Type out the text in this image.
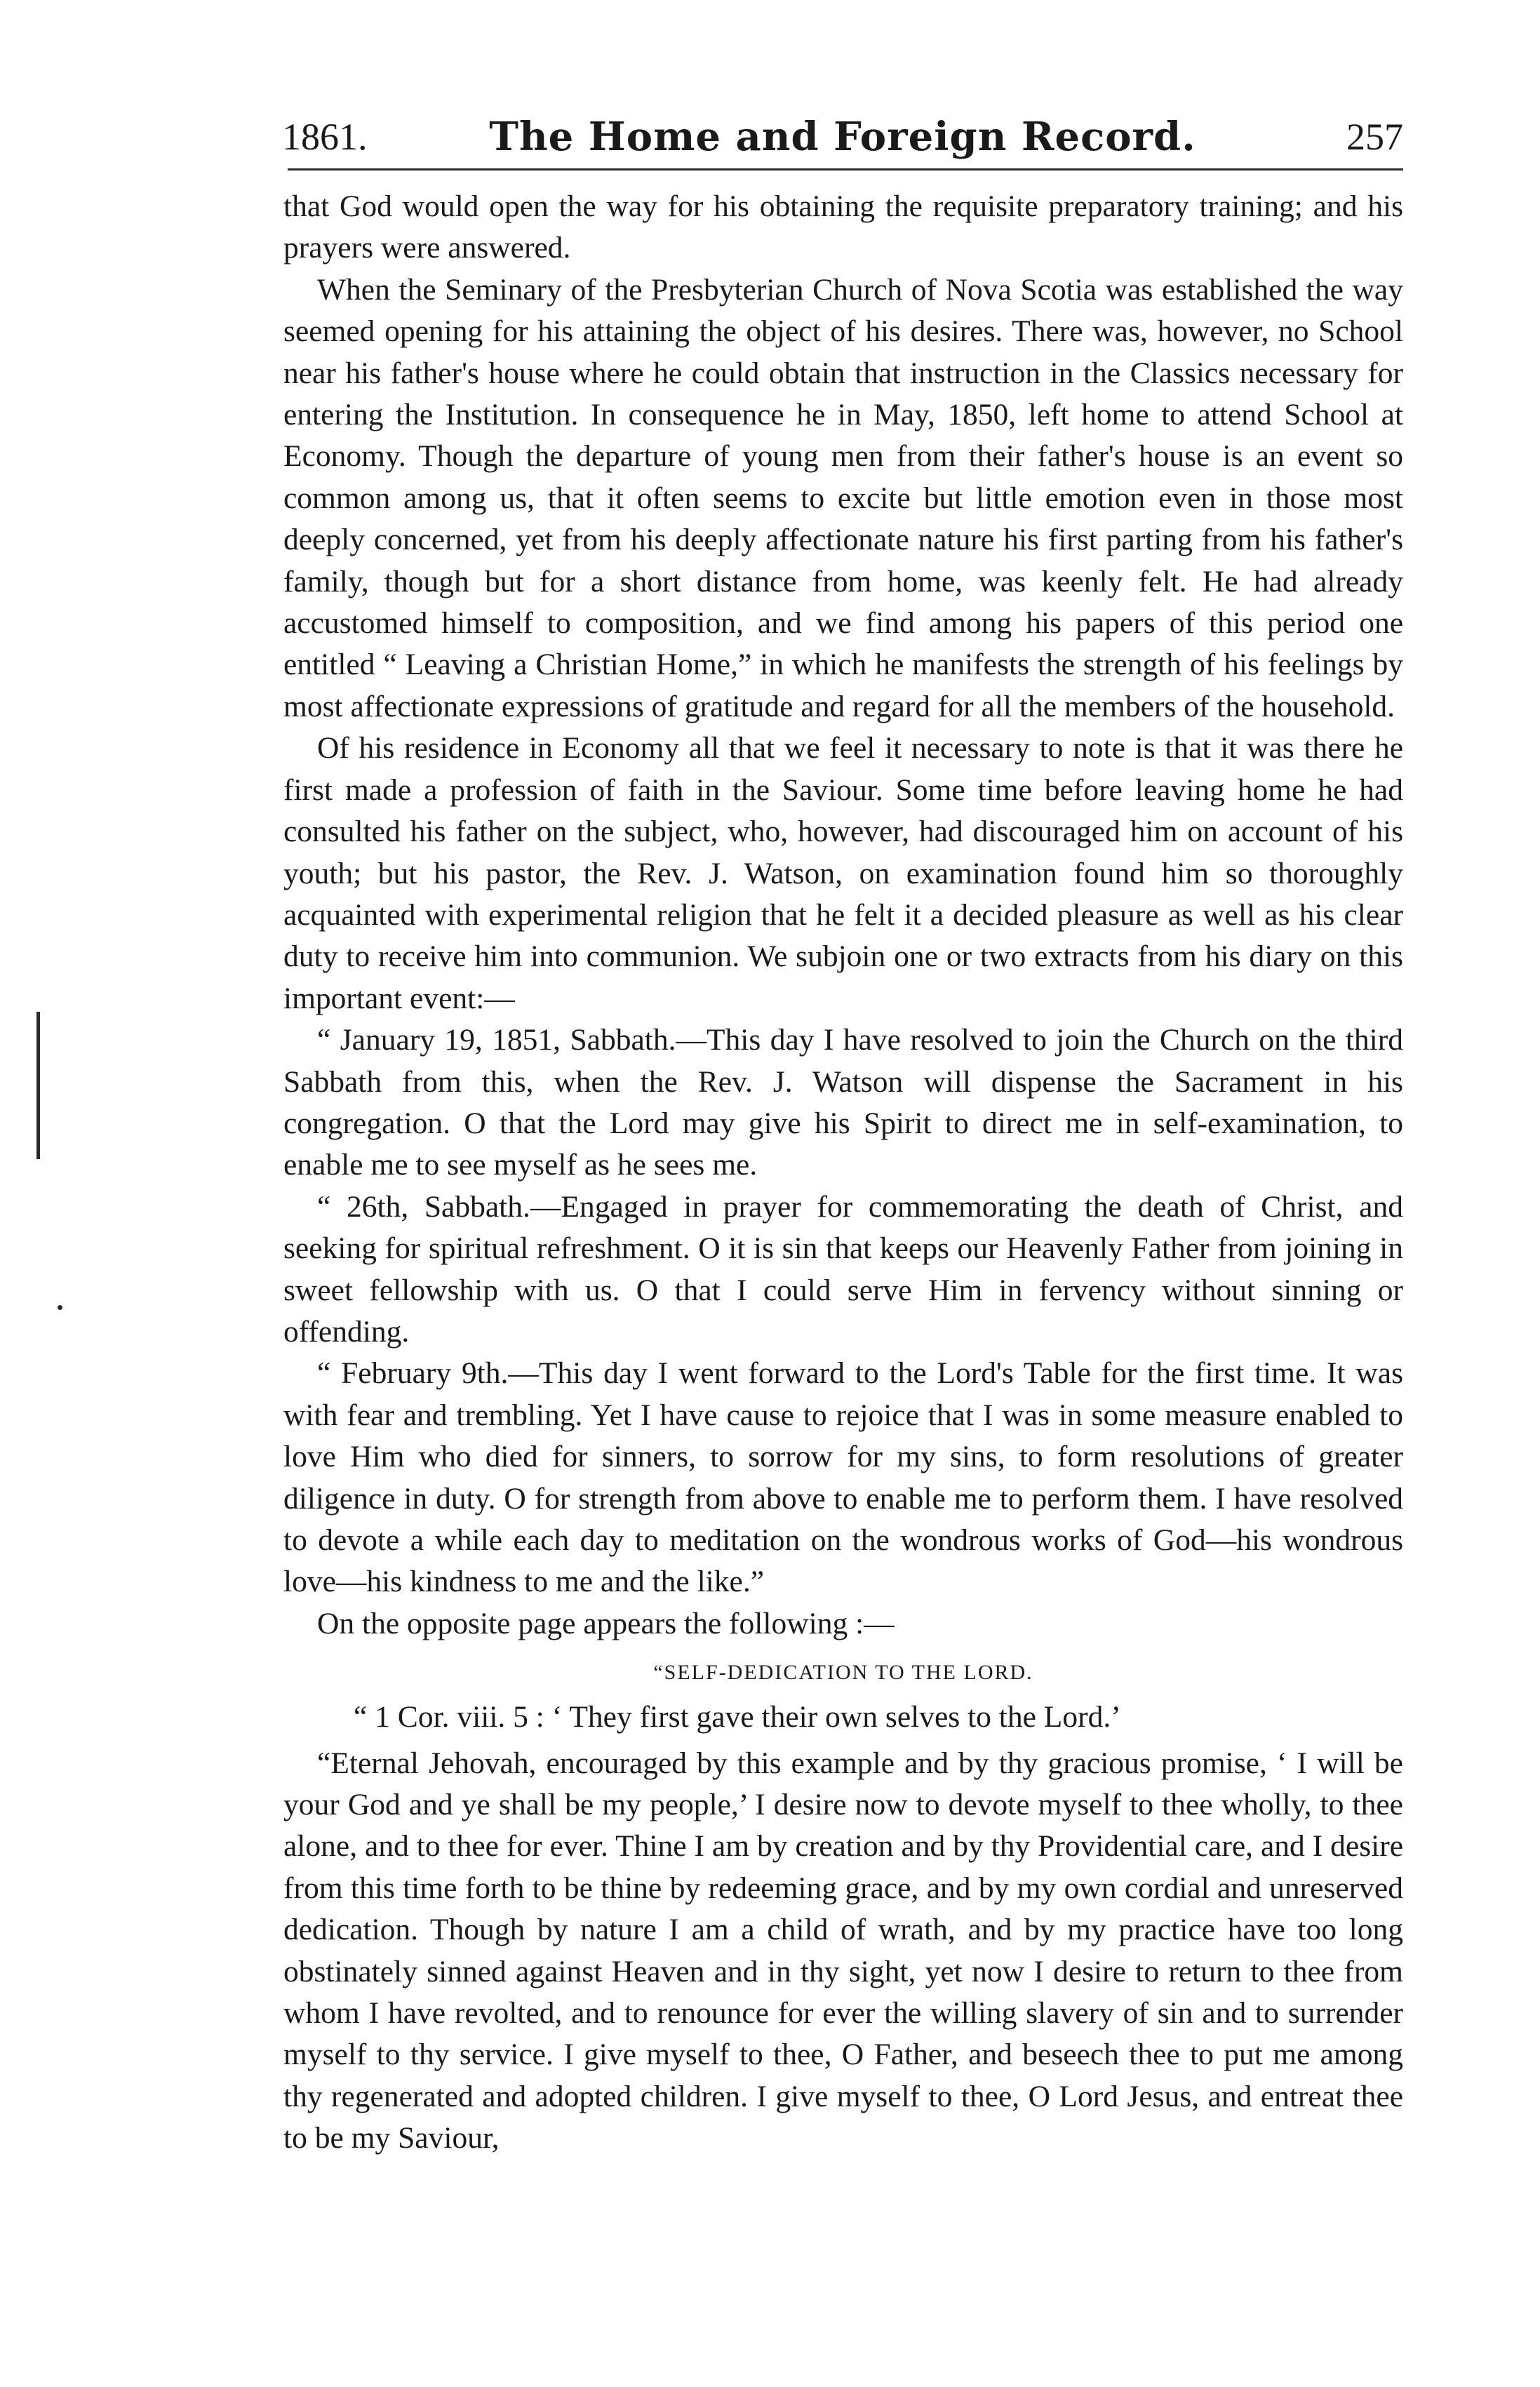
1861.	The Home and Foreign Record.	257

that God would open the way for his obtaining the requisite preparatory training; and his prayers were answered.

When the Seminary of the Presbyterian Church of Nova Scotia was established the way seemed opening for his attaining the object of his desires. There was, however, no School near his father's house where he could obtain that instruction in the Classics necessary for entering the Institution. In consequence he in May, 1850, left home to attend School at Economy. Though the departure of young men from their father's house is an event so common among us, that it often seems to excite but little emotion even in those most deeply concerned, yet from his deeply affectionate nature his first parting from his father's family, though but for a short distance from home, was keenly felt. He had already accustomed himself to composition, and we find among his papers of this period one entitled “ Leaving a Christian Home,” in which he manifests the strength of his feelings by most affectionate expressions of gratitude and regard for all the members of the household.

Of his residence in Economy all that we feel it necessary to note is that it was there he first made a profession of faith in the Saviour. Some time before leaving home he had consulted his father on the subject, who, however, had discouraged him on account of his youth; but his pastor, the Rev. J. Watson, on examination found him so thoroughly acquainted with experimental religion that he felt it a decided pleasure as well as his clear duty to receive him into communion. We subjoin one or two extracts from his diary on this important event:—

“ January 19, 1851, Sabbath.—This day I have resolved to join the Church on the third Sabbath from this, when the Rev. J. Watson will dispense the Sacrament in his congregation. O that the Lord may give his Spirit to direct me in self-examination, to enable me to see myself as he sees me.

“ 26th, Sabbath.—Engaged in prayer for commemorating the death of Christ, and seeking for spiritual refreshment. O it is sin that keeps our Heavenly Father from joining in sweet fellowship with us. O that I could serve Him in fervency without sinning or offending.

“ February 9th.—This day I went forward to the Lord's Table for the first time. It was with fear and trembling. Yet I have cause to rejoice that I was in some measure enabled to love Him who died for sinners, to sorrow for my sins, to form resolutions of greater diligence in duty. O for strength from above to enable me to perform them. I have resolved to devote a while each day to meditation on the wondrous works of God—his wondrous love—his kindness to me and the like.”

On the opposite page appears the following :—

“SELF-DEDICATION TO THE LORD.

“ 1 Cor. viii. 5 : ‘ They first gave their own selves to the Lord.’

“Eternal Jehovah, encouraged by this example and by thy gracious promise, ‘ I will be your God and ye shall be my people,’ I desire now to devote myself to thee wholly, to thee alone, and to thee for ever. Thine I am by creation and by thy Providential care, and I desire from this time forth to be thine by redeeming grace, and by my own cordial and unreserved dedication. Though by nature I am a child of wrath, and by my practice have too long obstinately sinned against Heaven and in thy sight, yet now I desire to return to thee from whom I have revolted, and to renounce for ever the willing slavery of sin and to surrender myself to thy service. I give myself to thee, O Father, and beseech thee to put me among thy regenerated and adopted children. I give myself to thee, O Lord Jesus, and entreat thee to be my Saviour,
